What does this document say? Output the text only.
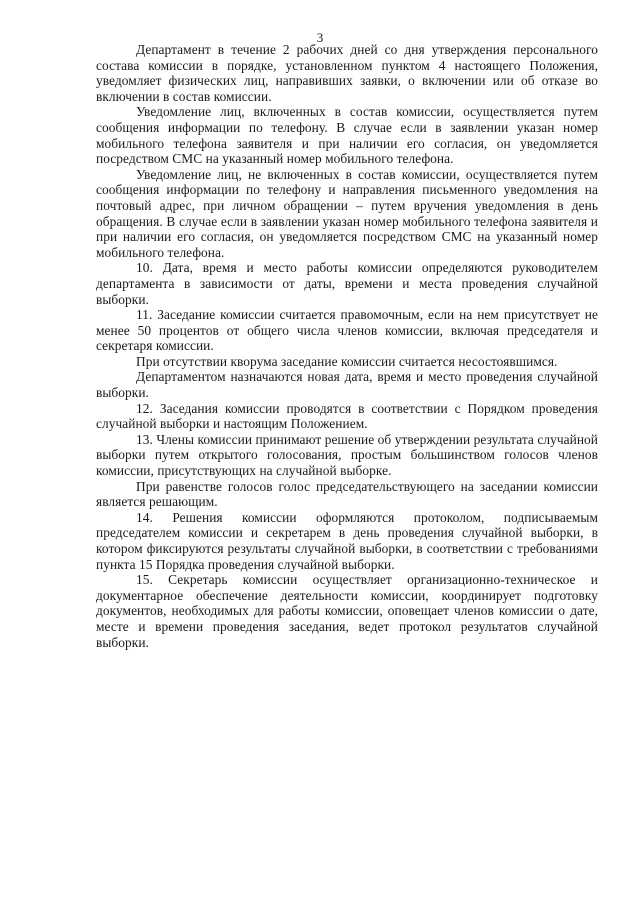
3

Департамент в течение 2 рабочих дней со дня утверждения персонального состава комиссии в порядке, установленном пунктом 4 настоящего Положения, уведомляет физических лиц, направивших заявки, о включении или об отказе во включении в состав комиссии.

Уведомление лиц, включенных в состав комиссии, осуществляется путем сообщения информации по телефону. В случае если в заявлении указан номер мобильного телефона заявителя и при наличии его согласия, он уведомляется посредством СМС на указанный номер мобильного телефона.

Уведомление лиц, не включенных в состав комиссии, осуществляется путем сообщения информации по телефону и направления письменного уведомления на почтовый адрес, при личном обращении – путем вручения уведомления в день обращения. В случае если в заявлении указан номер мобильного телефона заявителя и при наличии его согласия, он уведомляется посредством СМС на указанный номер мобильного телефона.

10. Дата, время и место работы комиссии определяются руководителем департамента в зависимости от даты, времени и места проведения случайной выборки.

11. Заседание комиссии считается правомочным, если на нем присутствует не менее 50 процентов от общего числа членов комиссии, включая председателя и секретаря комиссии.

При отсутствии кворума заседание комиссии считается несостоявшимся.

Департаментом назначаются новая дата, время и место проведения случайной выборки.

12. Заседания комиссии проводятся в соответствии с Порядком проведения случайной выборки и настоящим Положением.

13. Члены комиссии принимают решение об утверждении результата случайной выборки путем открытого голосования, простым большинством голосов членов комиссии, присутствующих на случайной выборке.

При равенстве голосов голос председательствующего на заседании комиссии является решающим.

14. Решения комиссии оформляются протоколом, подписываемым председателем комиссии и секретарем в день проведения случайной выборки, в котором фиксируются результаты случайной выборки, в соответствии с требованиями пункта 15 Порядка проведения случайной выборки.

15. Секретарь комиссии осуществляет организационно-техническое и документарное обеспечение деятельности комиссии, координирует подготовку документов, необходимых для работы комиссии, оповещает членов комиссии о дате, месте и времени проведения заседания, ведет протокол результатов случайной выборки.
